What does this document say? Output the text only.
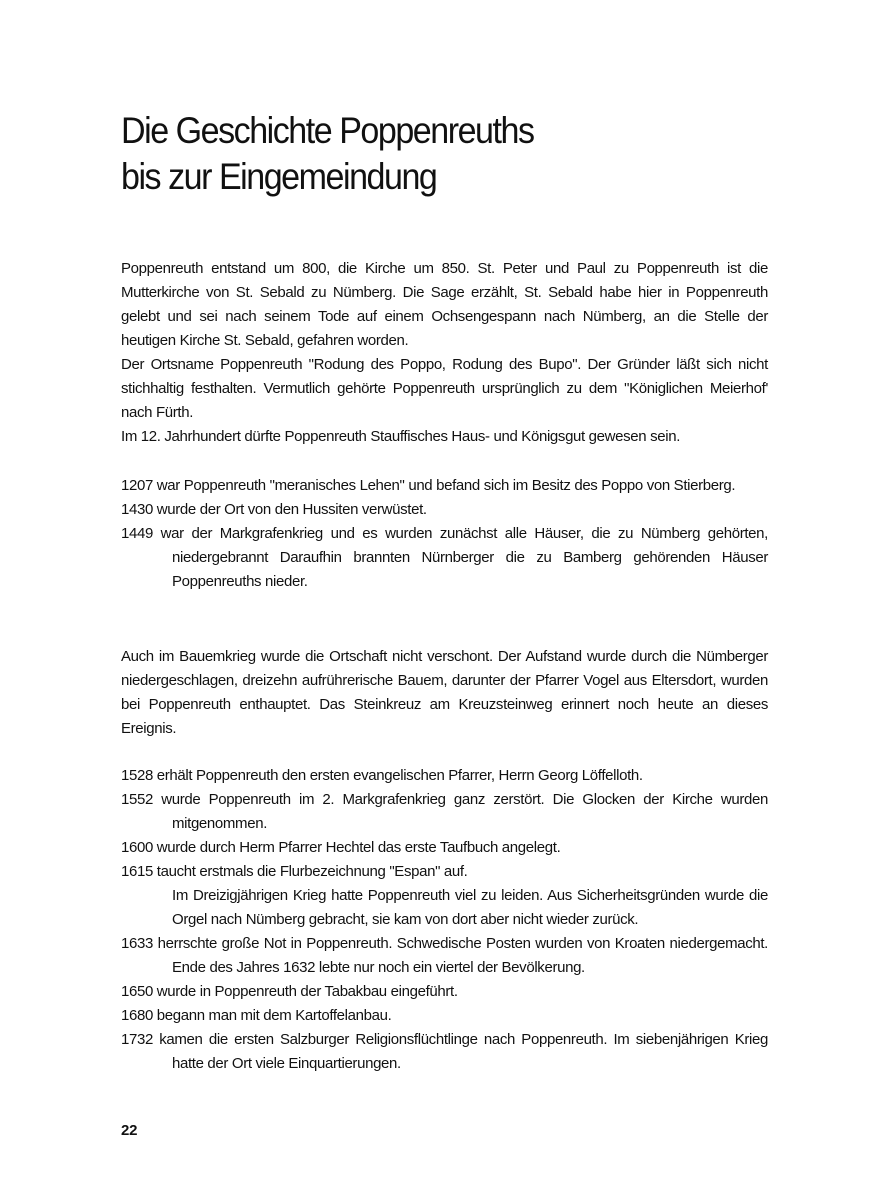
Die Geschichte Poppenreuths
bis zur Eingemeindung

Poppenreuth entstand um 800, die Kirche um 850. St. Peter und Paul zu Poppenreuth ist die Mutterkirche von St. Sebald zu Nümberg. Die Sage erzählt, St. Sebald habe hier in Poppenreuth gelebt und sei nach seinem Tode auf einem Ochsengespann nach Nümberg, an die Stelle der heutigen Kirche St. Sebald, gefahren worden.

Der Ortsname Poppenreuth "Rodung des Poppo, Rodung des Bupo". Der Gründer läßt sich nicht stichhaltig festhalten. Vermutlich gehörte Poppenreuth ursprünglich zu dem "Königlichen Meierhof' nach Fürth.

Im 12. Jahrhundert dürfte Poppenreuth Stauffisches Haus- und Königsgut gewesen sein.

1207 war Poppenreuth "meranisches Lehen" und befand sich im Besitz des Poppo von Stierberg.

1430 wurde der Ort von den Hussiten verwüstet.

1449 war der Markgrafenkrieg und es wurden zunächst alle Häuser, die zu Nümberg gehörten, niedergebrannt Daraufhin brannten Nürnberger die zu Bamberg gehörenden Häuser Poppenreuths nieder.

Auch im Bauemkrieg wurde die Ortschaft nicht verschont. Der Aufstand wurde durch die Nümberger niedergeschlagen, dreizehn aufrührerische Bauem, darunter der Pfarrer Vogel aus Eltersdort, wurden bei Poppenreuth enthauptet. Das Steinkreuz am Kreuzsteinweg erinnert noch heute an dieses Ereignis.

1528 erhält Poppenreuth den ersten evangelischen Pfarrer, Herrn Georg Löffelloth.

1552 wurde Poppenreuth im 2. Markgrafenkrieg ganz zerstört. Die Glocken der Kirche wurden mitgenommen.

1600 wurde durch Herm Pfarrer Hechtel das erste Taufbuch angelegt.

1615 taucht erstmals die Flurbezeichnung "Espan" auf.

Im Dreizigjährigen Krieg hatte Poppenreuth viel zu leiden. Aus Sicherheitsgründen wurde die Orgel nach Nümberg gebracht, sie kam von dort aber nicht wieder zurück.

1633 herrschte große Not in Poppenreuth. Schwedische Posten wurden von Kroaten niedergemacht. Ende des Jahres 1632 lebte nur noch ein viertel der Bevölkerung.

1650 wurde in Poppenreuth der Tabakbau eingeführt.

1680 begann man mit dem Kartoffelanbau.

1732 kamen die ersten Salzburger Religionsflüchtlinge nach Poppenreuth. Im siebenjährigen Krieg hatte der Ort viele Einquartierungen.

22
